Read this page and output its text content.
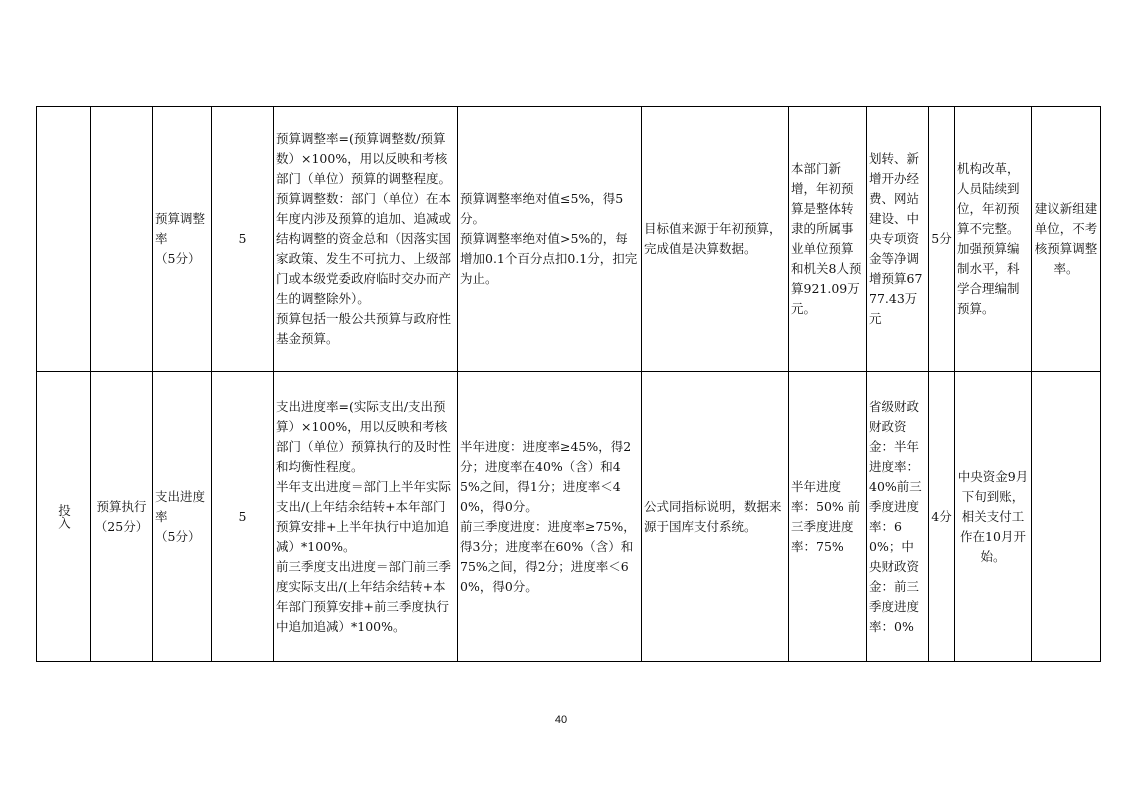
		预算调整
率
（5分）	5	预算调整率=(预算调整数/预算数）×100%，用以反映和考核部门（单位）预算的调整程度。
预算调整数：部门（单位）在本年度内涉及预算的追加、追减或结构调整的资金总和（因落实国家政策、发生不可抗力、上级部门或本级党委政府临时交办而产生的调整除外）。
预算包括一般公共预算与政府性基金预算。	预算调整率绝对值≤5%，得5分。
预算调整率绝对值>5%的，每增加0.1个百分点扣0.1分，扣完为止。	目标值来源于年初预算，完成值是决算数据。	本部门新增，年初预算是整体转隶的所属事业单位预算和机关8人预算921.09万元。	划转、新增开办经费、网站建设、中央专项资金等净调增预算6777.43万元	5分	机构改革，人员陆续到位，年初预算不完整。加强预算编制水平，科学合理编制预算。	建议新组建单位，不考核预算调整率。
投入	预算执行
（25分）	支出进度
率
（5分）	5	支出进度率=(实际支出/支出预算）×100%，用以反映和考核部门（单位）预算执行的及时性和均衡性程度。
半年支出进度＝部门上半年实际支出/(上年结余结转+本年部门预算安排+上半年执行中追加追减）*100%。
前三季度支出进度＝部门前三季度实际支出/(上年结余结转+本年部门预算安排+前三季度执行中追加追减）*100%。	半年进度：进度率≥45%，得2分；进度率在40%（含）和45%之间，得1分；进度率＜40%，得0分。
前三季度进度：进度率≥75%，得3分；进度率在60%（含）和75%之间，得2分；进度率＜60%，得0分。	公式同指标说明，数据来源于国库支付系统。	半年进度率：50% 前三季度进度率：75%	省级财政财政资金：半年进度率：40%前三季度进度率：60%；中央财政资金：前三季度进度率：0%	4分	中央资金9月下旬到账，相关支付工作在10月开始。	
40
